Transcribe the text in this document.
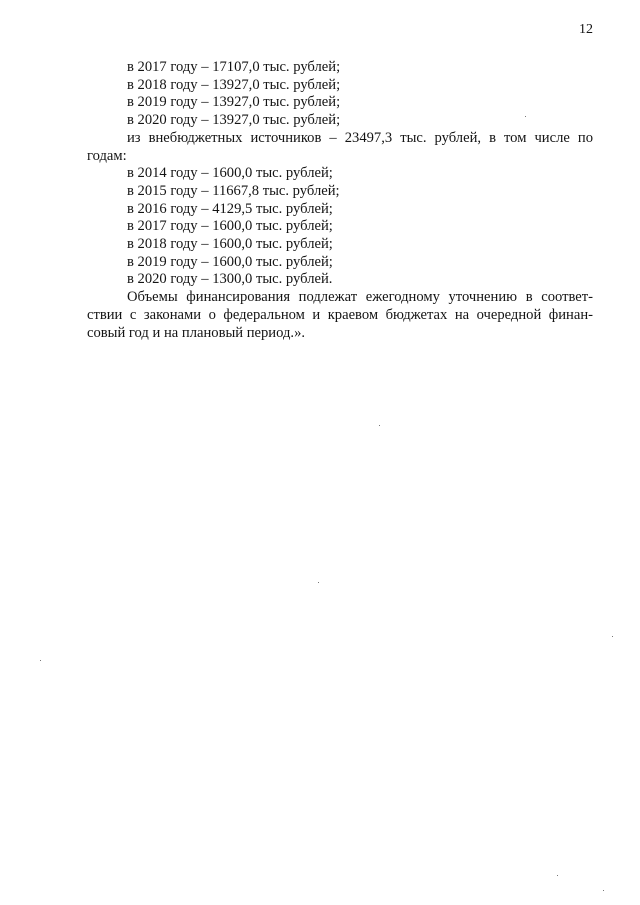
12

в 2017 году – 17107,0 тыс. рублей;

в 2018 году – 13927,0 тыс. рублей;

в 2019 году – 13927,0 тыс. рублей;

в 2020 году – 13927,0 тыс. рублей;

из внебюджетных источников – 23497,3 тыс. рублей, в том числе по

годам:

в 2014 году – 1600,0 тыс. рублей;

в 2015 году – 11667,8 тыс. рублей;

в 2016 году – 4129,5 тыс. рублей;

в 2017 году – 1600,0 тыс. рублей;

в 2018 году – 1600,0 тыс. рублей;

в 2019 году – 1600,0 тыс. рублей;

в 2020 году – 1300,0 тыс. рублей.

Объемы финансирования подлежат ежегодному уточнению в соответ-

ствии с законами о федеральном и краевом бюджетах на очередной финан-

совый год и на плановый период.».
